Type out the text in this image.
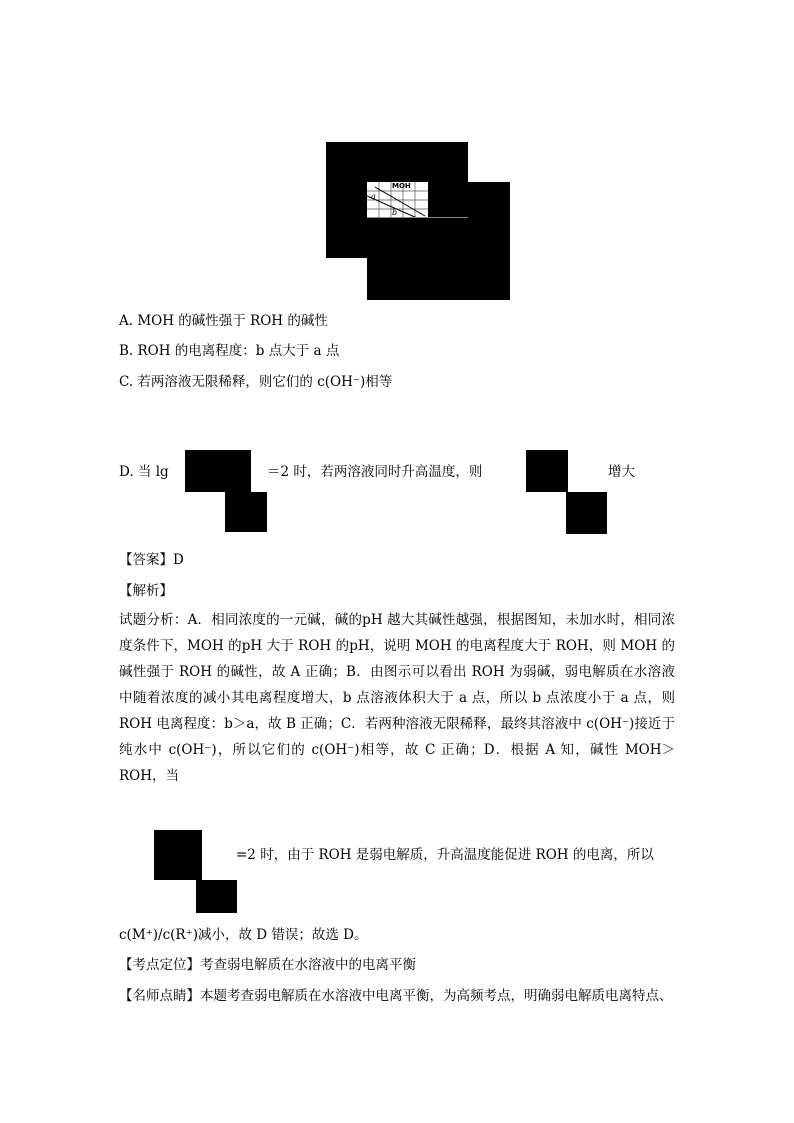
MOH
a
b
A. MOH 的碱性强于 ROH 的碱性
B. ROH 的电离程度：b 点大于 a 点
C. 若两溶液无限稀释，则它们的 c(OH⁻)相等
D. 当 lg	＝2 时，若两溶液同时升高温度，则	增大
【答案】D
【解析】
试题分析：A．相同浓度的一元碱，碱的pH 越大其碱性越强，根据图知，未加水时，相同浓度条件下，MOH 的pH 大于 ROH 的pH，说明 MOH 的电离程度大于 ROH，则 MOH 的碱性强于 ROH 的碱性，故 A 正确；B．由图示可以看出 ROH 为弱碱，弱电解质在水溶液中随着浓度的减小其电离程度增大，b 点溶液体积大于 a 点，所以 b 点浓度小于 a 点，则 ROH 电离程度：b＞a，故 B 正确；C．若两种溶液无限稀释，最终其溶液中 c(OH⁻)接近于纯水中 c(OH⁻)，所以它们的 c(OH⁻)相等，故 C 正确；D．根据 A 知，碱性 MOH＞ROH，当
=2 时，由于 ROH 是弱电解质，升高温度能促进 ROH 的电离，所以
c(M⁺)/c(R⁺)减小，故 D 错误；故选 D。
【考点定位】考查弱电解质在水溶液中的电离平衡
【名师点睛】本题考查弱电解质在水溶液中电离平衡，为高频考点，明确弱电解质电离特点、
